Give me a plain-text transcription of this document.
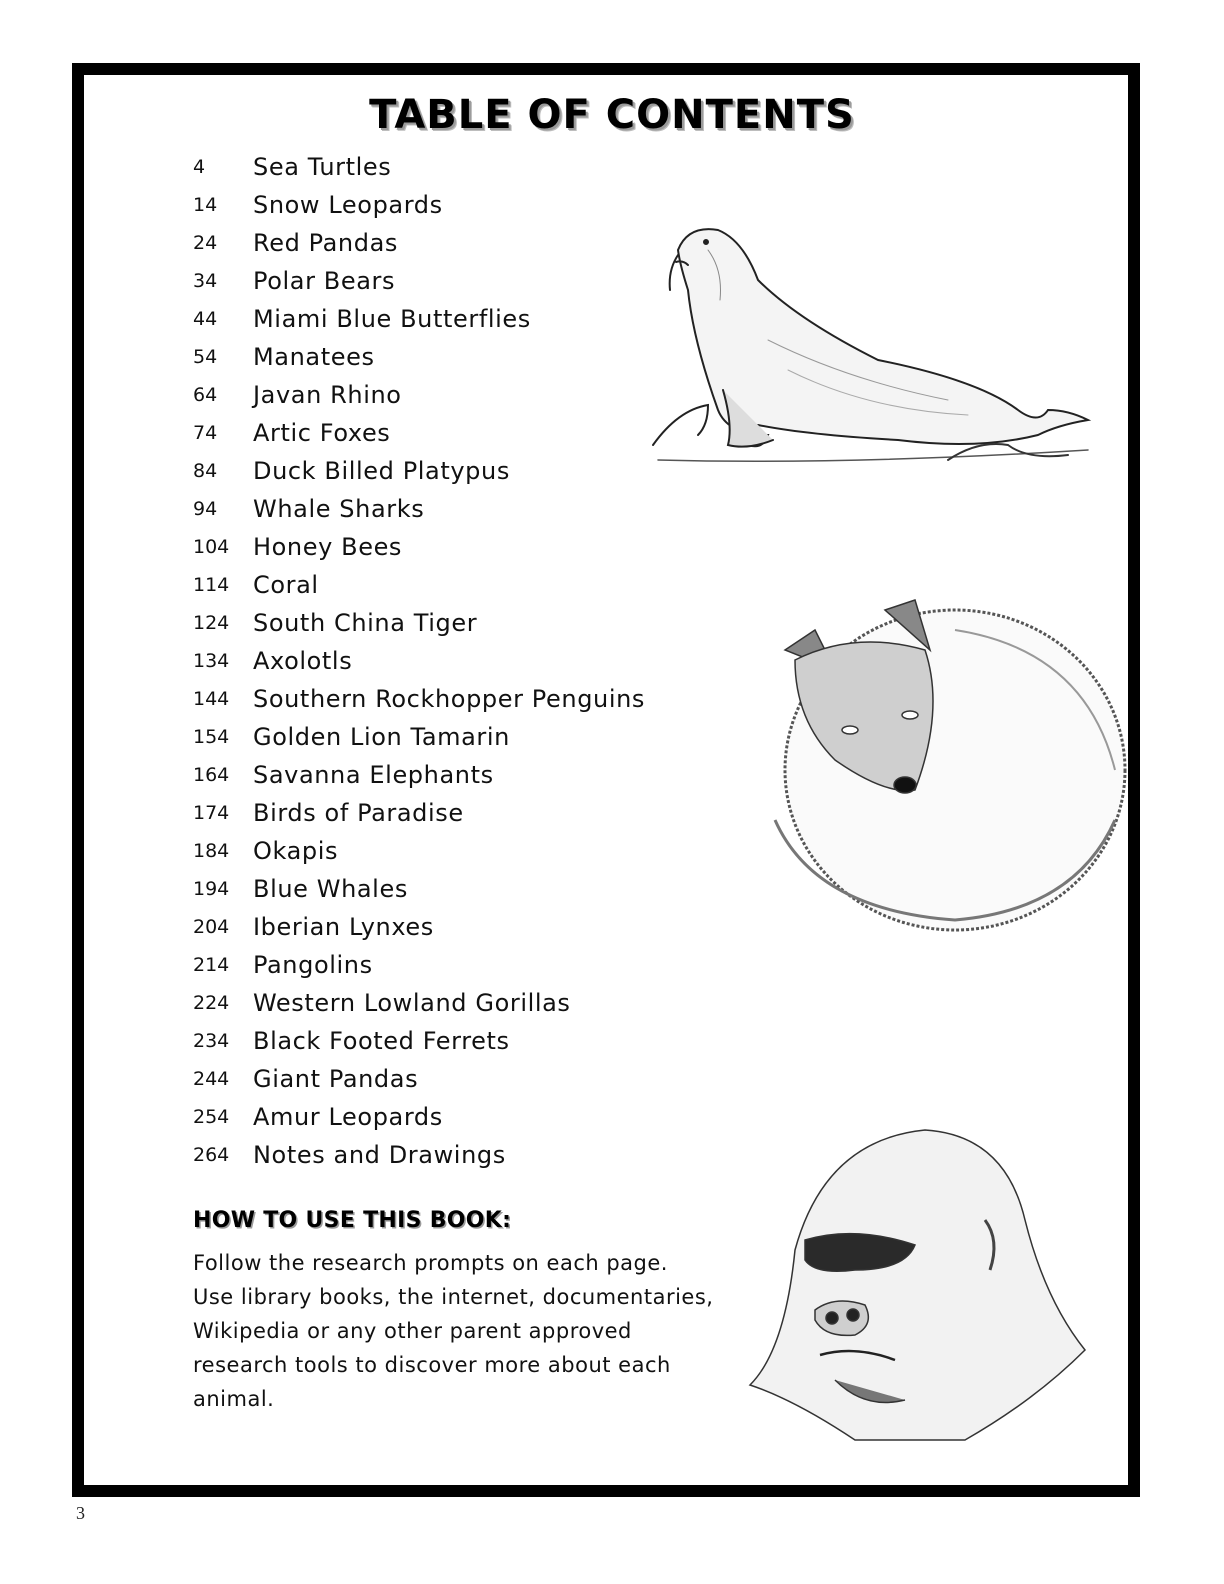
TABLE OF CONTENTS
4	Sea Turtles
14	Snow Leopards
24	Red Pandas
34	Polar Bears
44	Miami Blue Butterflies
54	Manatees
64	Javan Rhino
74	Artic Foxes
84	Duck Billed Platypus
94	Whale Sharks
104 Honey Bees
114 Coral
124 South China Tiger
134 Axolotls
144 Southern Rockhopper Penguins
154 Golden Lion Tamarin
164 Savanna Elephants
174 Birds of Paradise
184 Okapis
194 Blue Whales
204 Iberian Lynxes
214 Pangolins
224 Western Lowland Gorillas
234 Black Footed Ferrets
244 Giant Pandas
254 Amur Leopards
264 Notes and Drawings
HOW TO USE THIS BOOK:
Follow the research prompts on each page.
Use library books, the internet, documentaries,
Wikipedia or any other parent approved
research tools to discover more about each
animal.
3
